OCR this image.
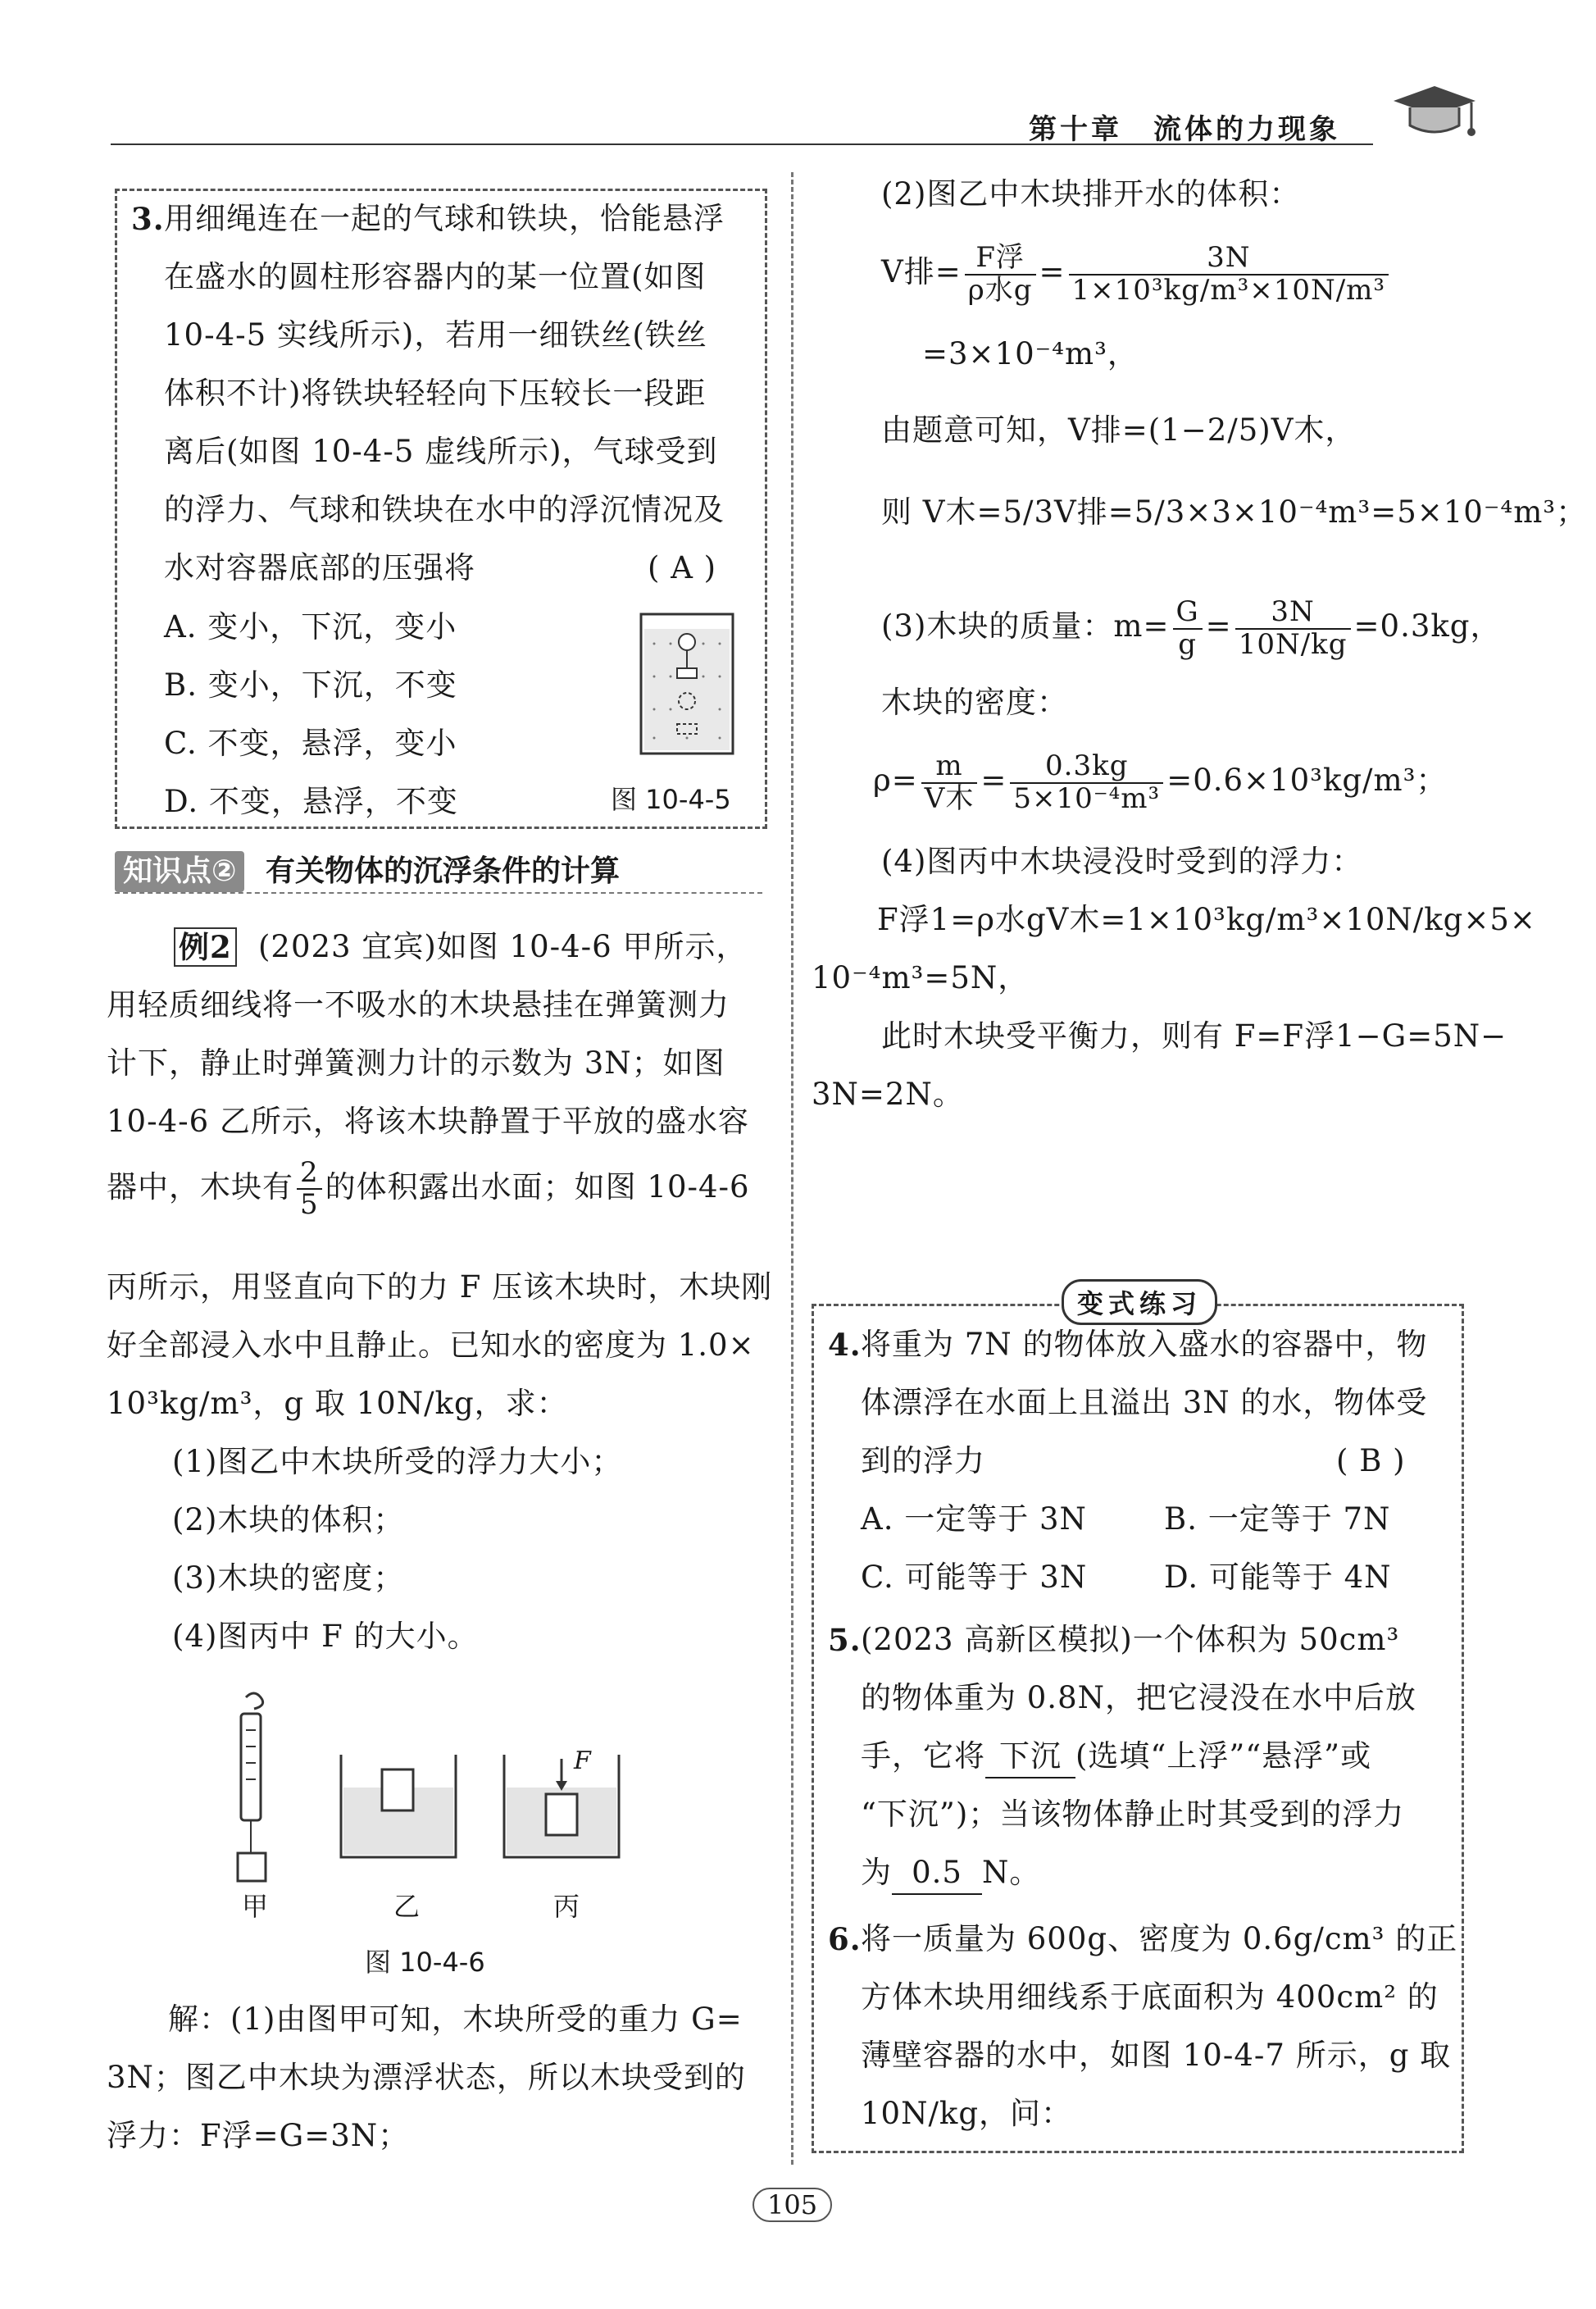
第十章　流体的力现象
3. 用细绳连在一起的气球和铁块，恰能悬浮
在盛水的圆柱形容器内的某一位置(如图
10-4-5 实线所示)，若用一细铁丝(铁丝
体积不计)将铁块轻轻向下压较长一段距
离后(如图 10-4-5 虚线所示)，气球受到
的浮力、气球和铁块在水中的浮沉情况及
水对容器底部的压强将	( A )
A. 变小，下沉，变小
B. 变小，下沉，不变
C. 不变，悬浮，变小
D. 不变，悬浮，不变	图 10-4-5
知识点② 有关物体的沉浮条件的计算
例2 (2023 宜宾)如图 10-4-6 甲所示，
用轻质细线将一不吸水的木块悬挂在弹簧测力
计下，静止时弹簧测力计的示数为 3N；如图
10-4-6 乙所示，将该木块静置于平放的盛水容
器中，木块有 $\frac{2}{5}$ 的体积露出水面；如图 10-4-6
丙所示，用竖直向下的力 F 压该木块时，木块刚
好全部浸入水中且静止。已知水的密度为 1.0×
10³kg/m³，g 取 10N/kg，求：
(1)图乙中木块所受的浮力大小；
(2)木块的体积；
(3)木块的密度；
(4)图丙中 F 的大小。
F
甲	乙	丙
图 10-4-6
解：(1)由图甲可知，木块所受的重力 G=
3N；图乙中木块为漂浮状态，所以木块受到的
浮力：F浮=G=3N；
(2)图乙中木块排开水的体积：
V排= $\frac{\text{F浮}}{\text{ρ水g}} = \frac{3N}{\text{1×10³kg/m³×10N/m³}}$
=3×10⁻⁴m³，
由题意可知，V排=(1−2/5)V木，
则 V木=5/3V排=5/3×3×10⁻⁴m³=5×10⁻⁴m³；
(3)木块的质量：$m= \frac{G}{g} = \frac{3N}{10N/kg} =0.3kg$，
木块的密度：
$\rho= \frac{m}{\text{V木}} = \frac{0.3kg}{\text{5×10⁻⁴m³}} =0.6\times 10^3kg/m^3$；
(4)图丙中木块浸没时受到的浮力：
F浮1=ρ水gV木=1×10³kg/m³×10N/kg×5×
10⁻⁴m³=5N，
此时木块受平衡力，则有 F=F浮1−G=5N−
3N=2N。
变式练习
4. 将重为 7N 的物体放入盛水的容器中，物
体漂浮在水面上且溢出 3N 的水，物体受
到的浮力	( B )
A. 一定等于 3N	B. 一定等于 7N
C. 可能等于 3N	D. 可能等于 4N
5. (2023 高新区模拟)一个体积为 50cm³
的物体重为 0.8N，把它浸没在水中后放
手，它将 下沉 (选填“上浮”“悬浮”或
“下沉”)；当该物体静止时其受到的浮力
为 0.5 N。
6. 将一质量为 600g、密度为 0.6g/cm³ 的正
方体木块用细线系于底面积为 400cm² 的
薄壁容器的水中，如图 10-4-7 所示，g 取
10N/kg，问：
105
